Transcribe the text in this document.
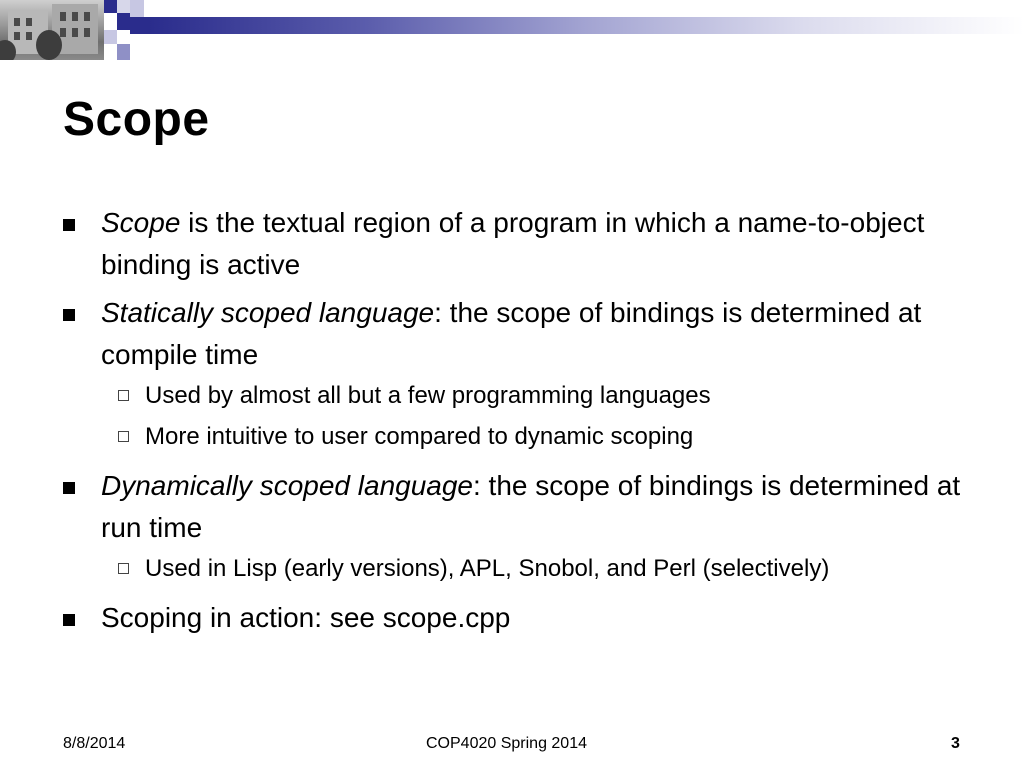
Scope
Scope is the textual region of a program in which a name-to-object binding is active
Statically scoped language: the scope of bindings is determined at compile time
Used by almost all but a few programming languages
More intuitive to user compared to dynamic scoping
Dynamically scoped language: the scope of bindings is determined at run time
Used in Lisp (early versions), APL, Snobol, and Perl (selectively)
Scoping in action: see scope.cpp
8/8/2014	COP4020 Spring 2014	3
